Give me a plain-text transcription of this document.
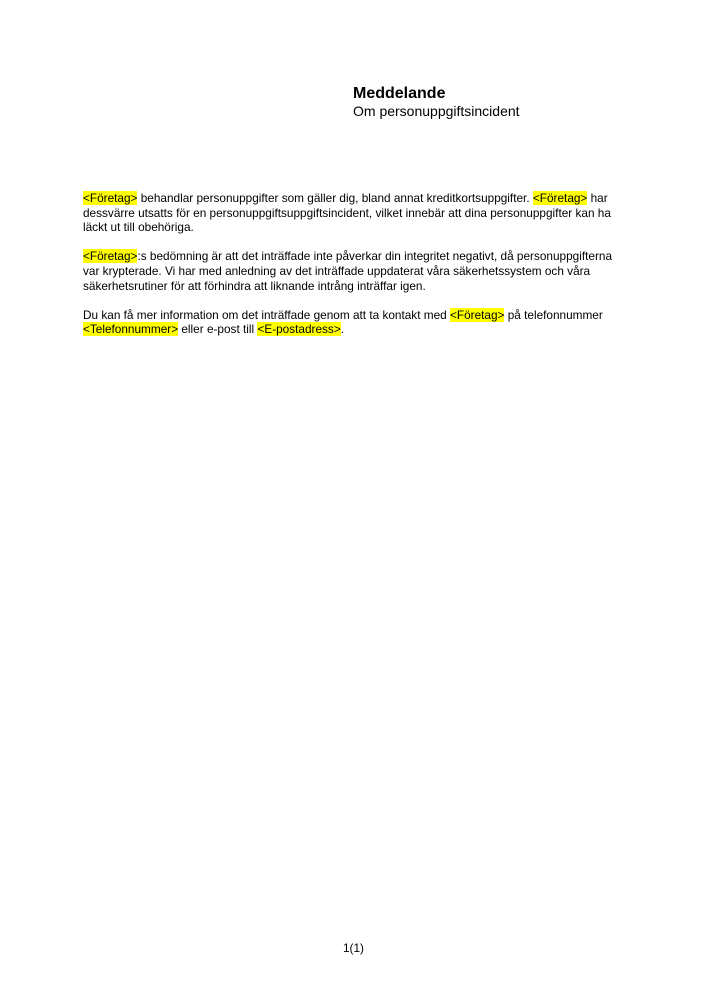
Meddelande
Om personuppgiftsincident

<Företag> behandlar personuppgifter som gäller dig, bland annat kreditkortsuppgifter. <Företag> har dessvärre utsatts för en personuppgiftsuppgiftsincident, vilket innebär att dina personuppgifter kan ha läckt ut till obehöriga.

<Företag>:s bedömning är att det inträffade inte påverkar din integritet negativt, då personuppgifterna var krypterade. Vi har med anledning av det inträffade uppdaterat våra säkerhetssystem och våra säkerhetsrutiner för att förhindra att liknande intrång inträffar igen.

Du kan få mer information om det inträffade genom att ta kontakt med <Företag> på telefonnummer <Telefonnummer> eller e-post till <E-postadress>.

1(1)
